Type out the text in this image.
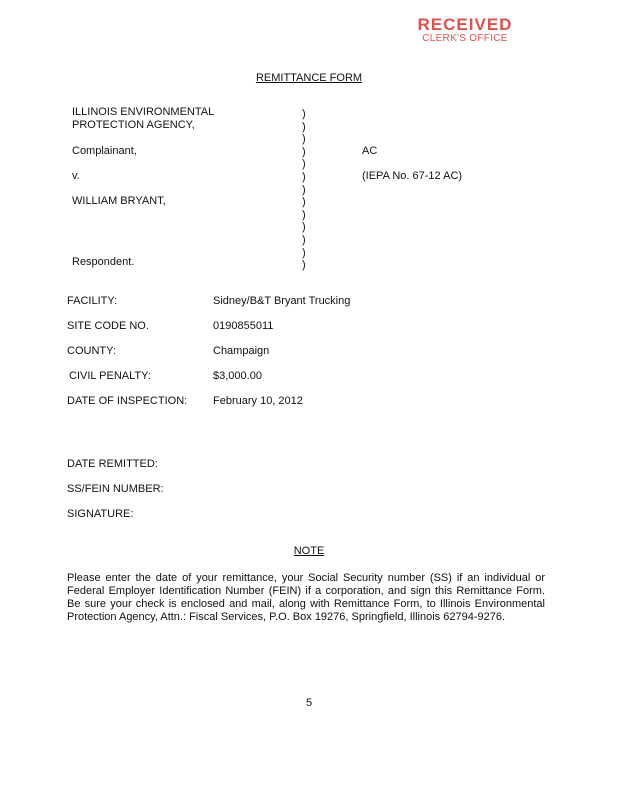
RECEIVED
CLERK'S OFFICE
REMITTANCE FORM
ILLINOIS ENVIRONMENTAL
PROTECTION AGENCY,
Complainant,
v.
WILLIAM BRYANT,
Respondent.
)
)
)
)
)
)
)
)
)
)
)
)
)
AC
(IEPA No. 67-12 AC)
FACILITY:	Sidney/B&T Bryant Trucking
SITE CODE NO.	0190855011
COUNTY:	Champaign
CIVIL PENALTY:	$3,000.00
DATE OF INSPECTION: February 10, 2012
DATE REMITTED:
SS/FEIN NUMBER:
SIGNATURE:
NOTE
Please enter the date of your remittance, your Social Security number (SS) if an individual or Federal Employer Identification Number (FEIN) if a corporation, and sign this Remittance Form. Be sure your check is enclosed and mail, along with Remittance Form, to Illinois Environmental Protection Agency, Attn.: Fiscal Services, P.O. Box 19276, Springfield, Illinois 62794-9276.
5
